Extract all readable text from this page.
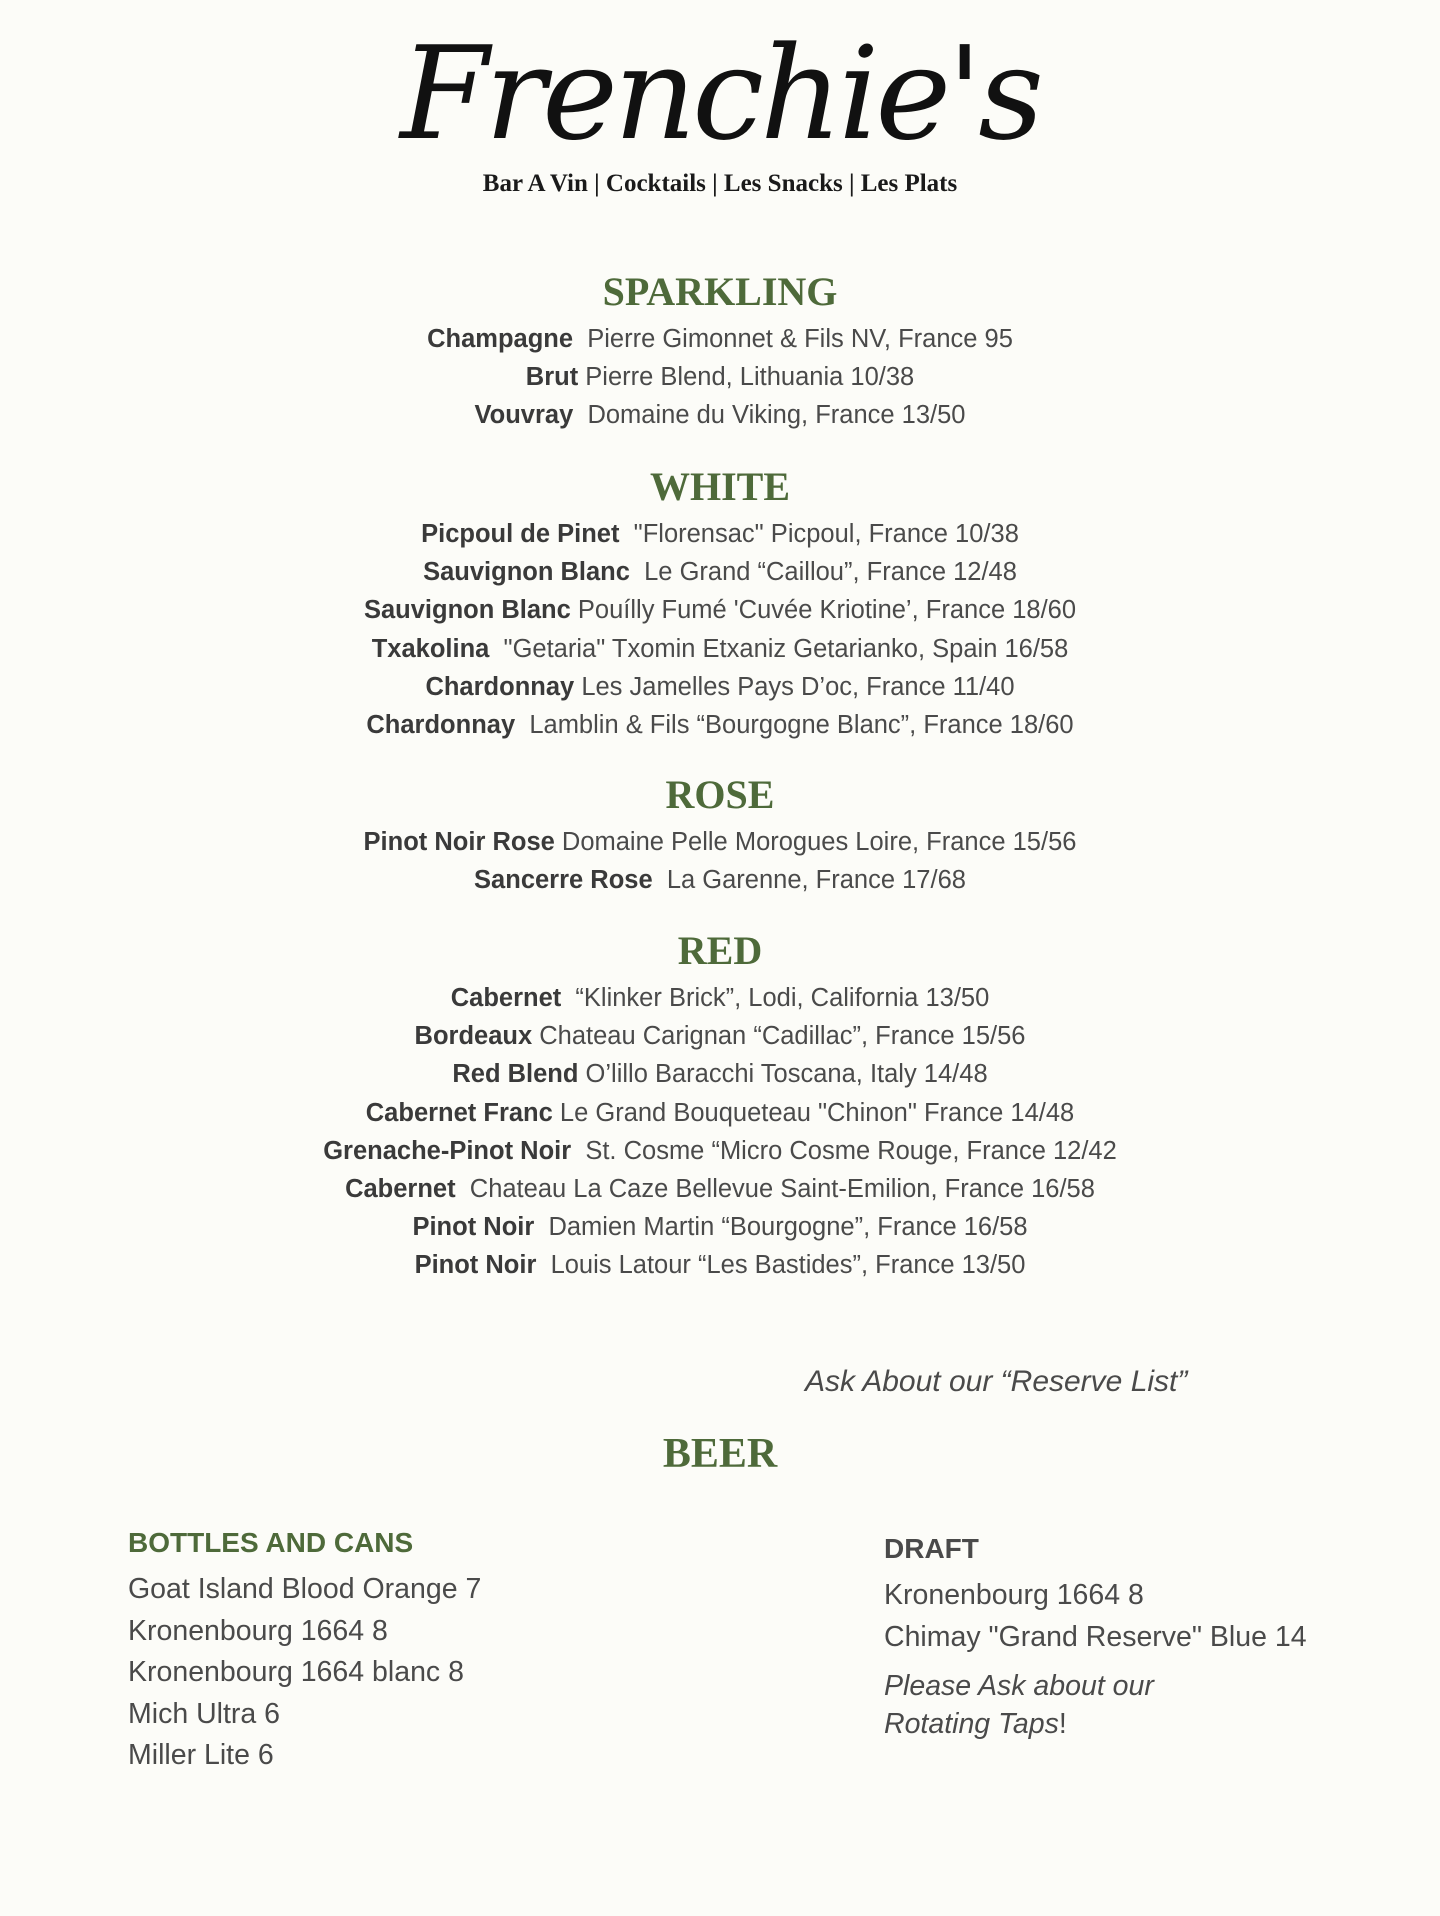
Frenchie's
Bar A Vin | Cocktails | Les Snacks | Les Plats
SPARKLING
Champagne Pierre Gimonnet & Fils NV, France 95
Brut Pierre Blend, Lithuania 10/38
Vouvray Domaine du Viking, France 13/50
WHITE
Picpoul de Pinet "Florensac" Picpoul, France 10/38
Sauvignon Blanc Le Grand “Caillou”, France 12/48
Sauvignon Blanc Pouílly Fumé 'Cuvée Kriotine’, France 18/60
Txakolina "Getaria" Txomin Etxaniz Getarianko, Spain 16/58
Chardonnay Les Jamelles Pays D’oc, France 11/40
Chardonnay Lamblin & Fils “Bourgogne Blanc”, France 18/60
ROSE
Pinot Noir Rose Domaine Pelle Morogues Loire, France 15/56
Sancerre Rose La Garenne, France 17/68
RED
Cabernet “Klinker Brick”, Lodi, California 13/50
Bordeaux Chateau Carignan “Cadillac”, France 15/56
Red Blend O’lillo Baracchi Toscana, Italy 14/48
Cabernet Franc Le Grand Bouqueteau "Chinon" France 14/48
Grenache-Pinot Noir St. Cosme “Micro Cosme Rouge, France 12/42
Cabernet Chateau La Caze Bellevue Saint-Emilion, France 16/58
Pinot Noir Damien Martin “Bourgogne”, France 16/58
Pinot Noir Louis Latour “Les Bastides”, France 13/50
Ask About our “Reserve List”
BEER
BOTTLES AND CANS
Goat Island Blood Orange 7
Kronenbourg 1664 8
Kronenbourg 1664 blanc 8
Mich Ultra 6
Miller Lite 6
DRAFT
Kronenbourg 1664 8
Chimay "Grand Reserve" Blue 14
Please Ask about our
Rotating Taps!
